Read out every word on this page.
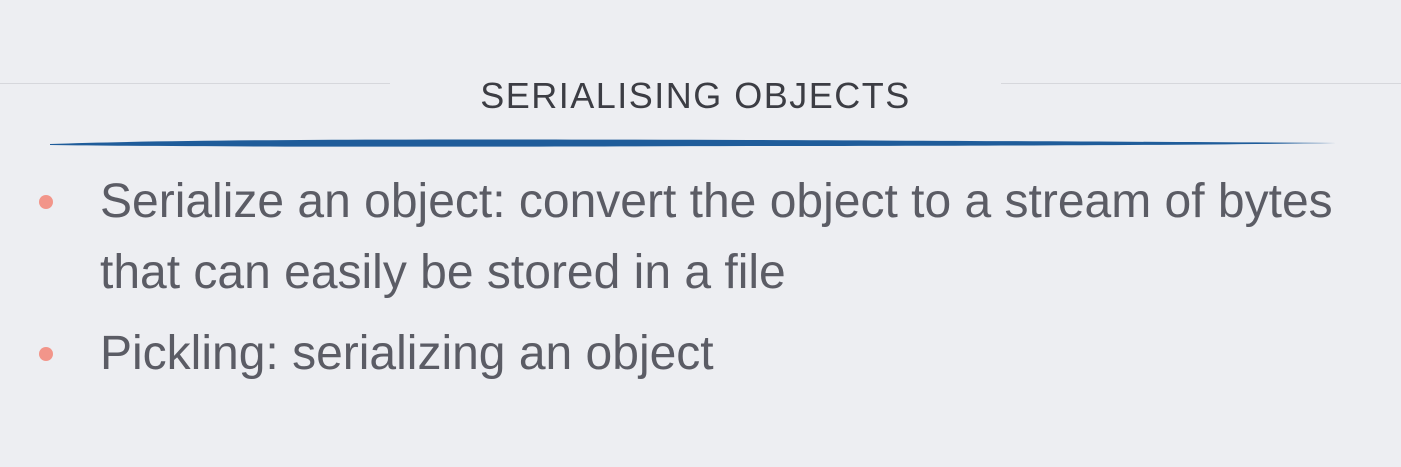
SERIALISING OBJECTS
Serialize an object: convert the object to a stream of bytes that can easily be stored in a file
Pickling: serializing an object
